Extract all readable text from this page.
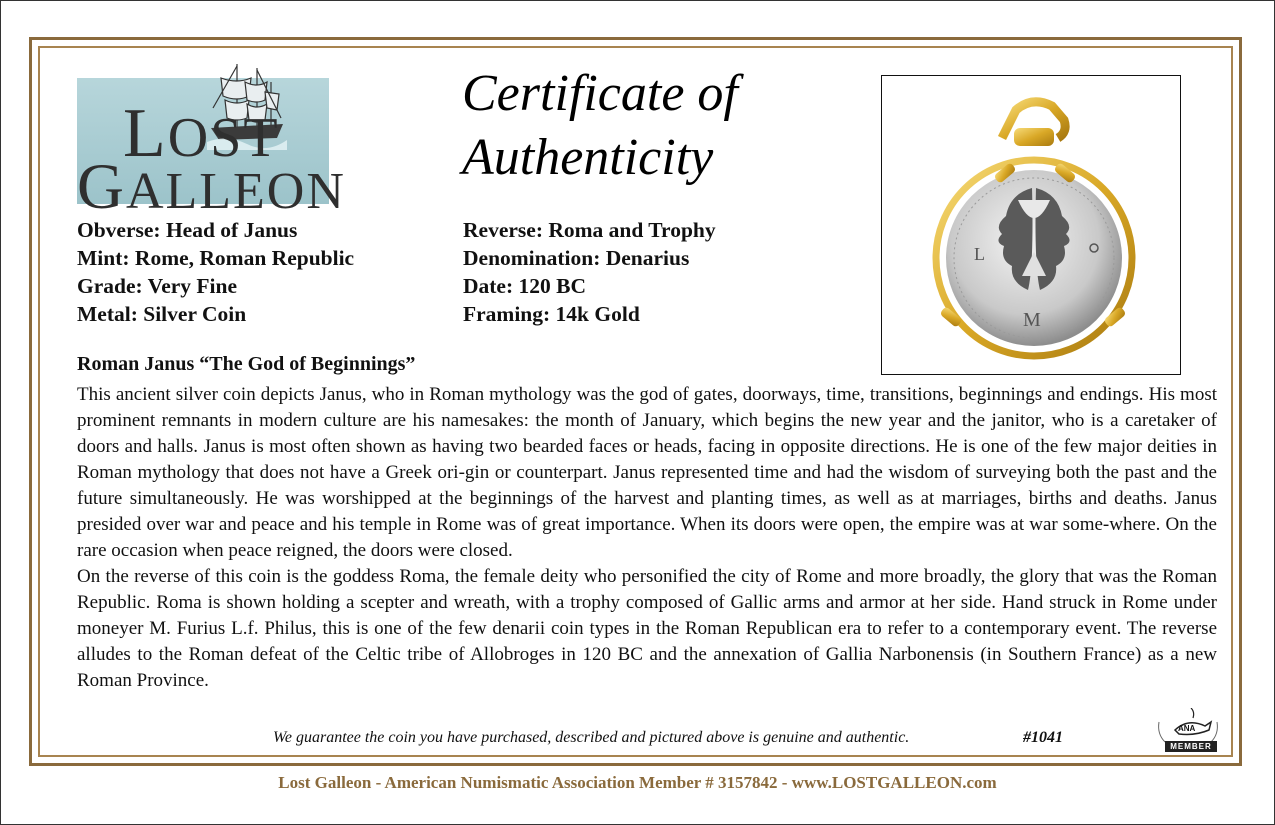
LOST
GALLEON
Certificate of
Authenticity
L
M
Obverse: Head of Janus
Mint: Rome, Roman Republic
Grade: Very Fine
Metal: Silver Coin
Reverse: Roma and Trophy
Denomination: Denarius
Date: 120 BC
Framing: 14k Gold
Roman Janus “The God of Beginnings”

This ancient silver coin depicts Janus, who in Roman mythology was the god of gates, doorways, time, transitions, beginnings and endings. His most prominent remnants in modern culture are his namesakes: the month of January, which begins the new year and the janitor, who is a caretaker of doors and halls. Janus is most often shown as having two bearded faces or heads, facing in opposite directions. He is one of the few major deities in Roman mythology that does not have a Greek ori-gin or counterpart. Janus represented time and had the wisdom of surveying both the past and the future simultaneously. He was worshipped at the beginnings of the harvest and planting times, as well as at marriages, births and deaths. Janus presided over war and peace and his temple in Rome was of great importance. When its doors were open, the empire was at war some-where. On the rare occasion when peace reigned, the doors were closed.

On the reverse of this coin is the goddess Roma, the female deity who personified the city of Rome and more broadly, the glory that was the Roman Republic. Roma is shown holding a scepter and wreath, with a trophy composed of Gallic arms and armor at her side. Hand struck in Rome under moneyer M. Furius L.f. Philus, this is one of the few denarii coin types in the Roman Republican era to refer to a contemporary event. The reverse alludes to the Roman defeat of the Celtic tribe of Allobroges in 120 BC and the annexation of Gallia Narbonensis (in Southern France) as a new Roman Province.

We guarantee the coin you have purchased, described and pictured above is genuine and authentic.	#1041
ANA
MEMBER
Lost Galleon - American Numismatic Association Member # 3157842 - www.LOSTGALLEON.com
